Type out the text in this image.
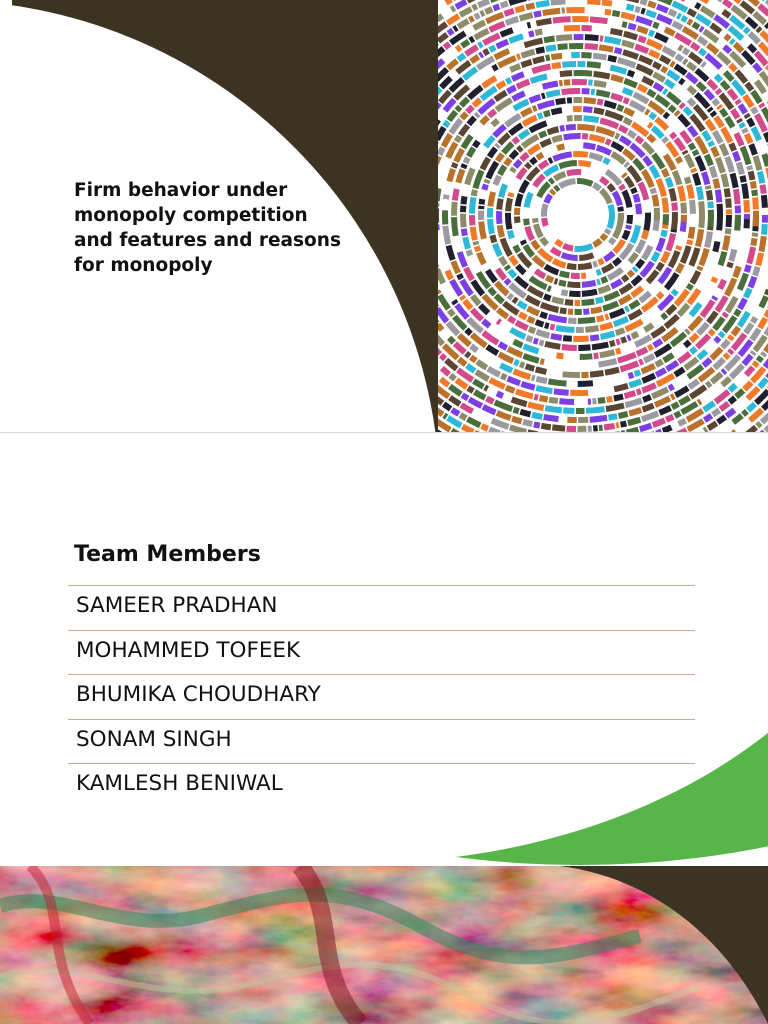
Firm behavior under monopoly competition and features and reasons for monopoly

Team Members
SAMEER PRADHAN
MOHAMMED TOFEEK
BHUMIKA CHOUDHARY
SONAM SINGH
KAMLESH BENIWAL
